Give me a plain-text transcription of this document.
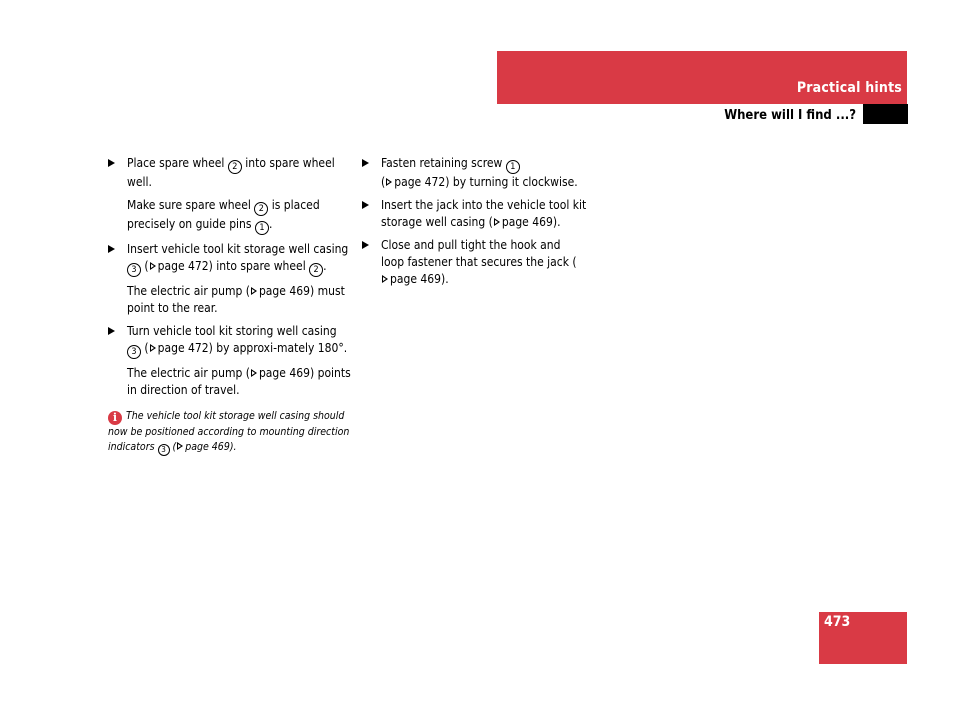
Practical hints
Where will I find ...?
Place spare wheel 2 into spare wheel well.
Make sure spare wheel 2 is placed precisely on guide pins 1 .
Insert vehicle tool kit storage well casing 3 ( page 472) into spare wheel 2 .
The electric air pump ( page 469) must point to the rear.
Turn vehicle tool kit storing well casing 3 ( page 472) by approxi-mately 180°.
The electric air pump ( page 469) points in direction of travel.
i The vehicle tool kit storage well casing should now be positioned according to mounting direction indicators 3 ( page 469).
Fasten retaining screw 1
( page 472) by turning it clockwise.
Insert the jack into the vehicle tool kit storage well casing ( page 469).
Close and pull tight the hook and loop fastener that secures the jack (page 469).
473
